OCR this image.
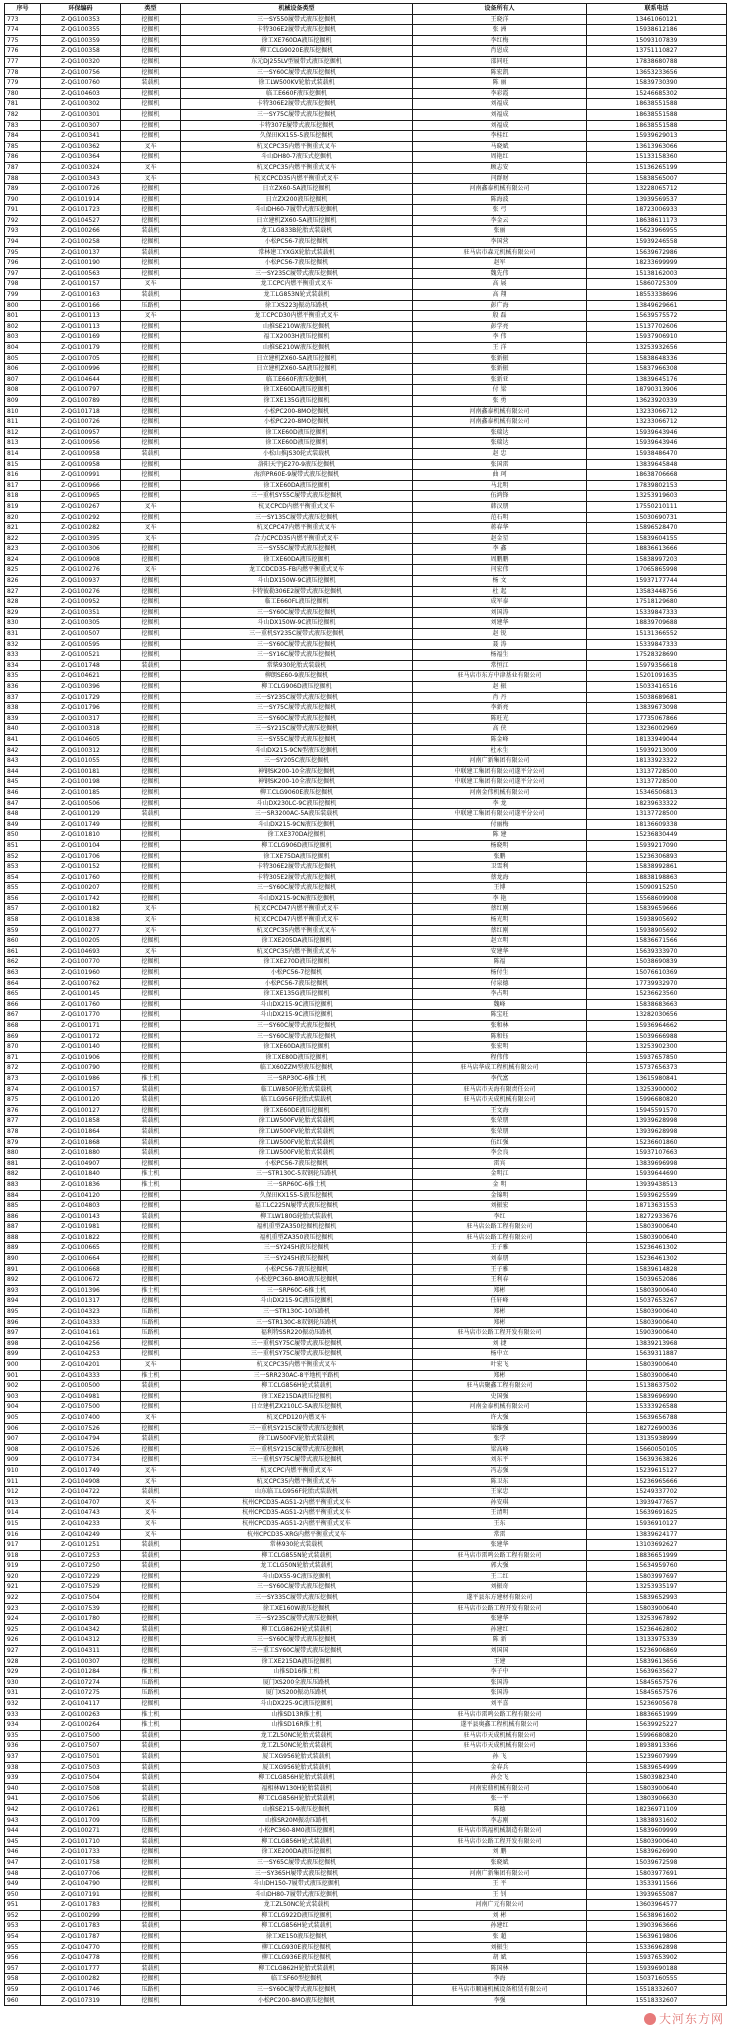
序号	环保编码	类型	机械设备类型	设备所有人	联系电话
773	Z-QG100353	挖掘机	三一SY550履带式液压挖掘机	王晓洋	13461060121
774	Z-QG100355	挖掘机	卡特306E2履带式液压挖掘机	张 洲	15938612186
775	Z-QG100359	挖掘机	徐工XE760DA液压挖掘机	李红梅	15093107839
776	Z-QG100358	挖掘机	柳工CLG9020E液压挖掘机	肖恩成	13751110827
777	Z-QG100320	挖掘机	东元DJ255LV型履带式液压挖掘机	邵同旺	17838680788
778	Z-QG100756	挖掘机	三一SY60C履带式液压挖掘机	陈宏凯	13653233656
779	Z-QG100760	装载机	徐工LW500KV轮胎式装载机	陈 丽	15839730390
780	Z-QG104603	挖掘机	临工E660F液压挖掘机	李彩霞	15246685302
781	Z-QG100302	挖掘机	卡特306E2履带式液压挖掘机	刘福成	18638551588
782	Z-QG100301	挖掘机	三一SY75C履带式液压挖掘机	刘福成	18638551588
783	Z-QG100307	挖掘机	卡特307E履带式液压挖掘机	刘福成	18638551588
784	Z-QG100341	挖掘机	久保田KX155-5液压挖掘机	李桂红	15939629013
785	Z-QG100362	叉车	杭叉CPC35内燃平衡重式叉车	马晓斌	13613963066
786	Z-QG100364	挖掘机	斗山DH80-7液压式挖掘机	周艳红	15133158360
787	Z-QG100324	叉车	杭叉CPC35内燃平衡重式叉车	顾志安	15136265199
788	Z-QG100343	叉车	杭叉CPCD35内燃平衡重式叉车	闫群财	15838565007
789	Z-QG100726	挖掘机	日立ZX60-5A液压挖掘机	河南鑫泰机械有限公司	13228065712
790	Z-QG101914	挖掘机	日立ZX200液压挖掘机	陈海波	13939569537
791	Z-QG101723	挖掘机	斗山DH60-7履带式液压挖掘机	张 弓	18723006933
792	Z-QG104527	挖掘机	日立建机ZX60-5A液压挖掘机	李金云	18638611173
793	Z-QG100266	装载机	龙工LG833B轮胎式装载机	张丽	15623966955
794	Z-QG100258	挖掘机	小松PC56-7液压挖掘机	李国营	15939246558
795	Z-QG100137	装载机	常林建工YXGX轮胎式装载机	驻马店市森元机械有限公司	15639672986
796	Z-QG100190	挖掘机	小松PC56-7液压挖掘机	赵军	18233699999
797	Z-QG100563	挖掘机	三一SY235C履带式液压挖掘机	魏先伟	15138162003
798	Z-QG100157	叉车	龙工CPC内燃平衡重式叉车	高 展	15860725309
799	Z-QG100163	装载机	龙工LG853N轮式装载机	高 翔	18553338696
800	Z-QG100166	压路机	徐工XS223J振动压路机	彭广海	13849629661
801	Z-QG100113	叉车	龙工CPCD30内燃平衡重式叉车	殷 磊	15639575572
802	Z-QG100113	挖掘机	山推SE210W液压挖掘机	彭学亮	15137702606
803	Z-QG100169	挖掘机	福工X2003H液压挖掘机	李 伟	15937906910
804	Z-QG100179	挖掘机	山推SE210W液压挖掘机	王 洋	13253932656
805	Z-QG100705	挖掘机	日立建机ZX60-5A液压挖掘机	张新振	15838648336
806	Z-QG100996	挖掘机	日立建机ZX60-5A液压挖掘机	张新振	15837966308
807	Z-QG104644	挖掘机	临工E660F液压挖掘机	张新亚	13839645176
808	Z-QG100797	挖掘机	徐工XE60DA液压挖掘机	付 梁	18790313906
809	Z-QG100789	挖掘机	徐工XE135G液压挖掘机	张 勇	13623920339
810	Z-QG101718	挖掘机	小松PC200-8MO挖掘机	河南鑫泰机械有限公司	13233066712
811	Z-QG100726	挖掘机	小松PC220-8MO挖掘机	河南鑫泰机械有限公司	13233066712
812	Z-QG100957	挖掘机	徐工XE60D液压挖掘机	张瑞达	15939643946
813	Z-QG100956	挖掘机	徐工XE60D液压挖掘机	张瑞达	15939643946
814	Z-QG100958	装载机	小松山推JS30轮式装载机	赵 忠	15938486470
815	Z-QG100958	挖掘机	洛阳天宇JE270-9液压挖掘机	张国雷	13839645848
816	Z-QG100991	挖掘机	海滨PR60E-9履带式液压挖掘机	曲 珂	18638706668
817	Z-QG100966	挖掘机	徐工XE60DA液压挖掘机	马北明	17839802153
818	Z-QG100965	挖掘机	三一重机SY55C履带式液压挖掘机	伍鸿锋	13253919603
819	Z-QG100267	叉车	杭叉CPCD内燃平衡重式叉车	韩汉朋	17550210111
820	Z-QG100292	挖掘机	三一SY135C履带式液压挖掘机	范石明	15030690731
821	Z-QG100282	叉车	杭叉CPC47内燃平衡重式叉车	蒋春华	15896528470
822	Z-QG100395	叉车	合力CPCD35内燃平衡重式叉车	赵金星	15839604155
823	Z-QG100306	挖掘机	三一SY55C履带式液压挖掘机	李 鑫	18836613666
824	Z-QG100908	挖掘机	徐工XE60DA液压挖掘机	周鹏鹏	15838997203
825	Z-QG100276	叉车	龙工CDCD35-FB内燃平衡重式叉车	闫宏伟	17065865998
826	Z-QG100937	挖掘机	斗山DX150W-9C液压挖掘机	杨 文	15937177744
827	Z-QG100276	挖掘机	卡特彼勒306E2履带式液压挖掘机	杜 起	13583448756
828	Z-QG100952	挖掘机	临工E660FL液压挖掘机	成军泰	17518129680
829	Z-QG100351	挖掘机	三一SY60C履带式液压挖掘机	刘国涛	15339847333
830	Z-QG100305	挖掘机	斗山DX150W-9C液压挖掘机	刘建华	18839709688
831	Z-QG100507	挖掘机	三一重机SY235C履带式液压挖掘机	赵 锐	15131366552
832	Z-QG100595	挖掘机	三一SY60C履带式液压挖掘机	聂 涛	15339847333
833	Z-QG100521	挖掘机	三一SY16C履带式液压挖掘机	杨福生	17528328690
834	Z-QG101748	装载机	常柴930轮胎式装载机	常恒江	15979356618
835	Z-QG104621	挖掘机	柳朗SE60-9液压挖掘机	驻马店市东方中津基业有限公司	15201091635
836	Z-QG100396	挖掘机	柳工CLG906D液压挖掘机	赵 振	15033416516
837	Z-QG101729	挖掘机	三一SY235C履带式液压挖掘机	肖 丹	15038689681
838	Z-QG101796	挖掘机	三一SY75C履带式液压挖掘机	李新亮	13839673098
839	Z-QG100317	挖掘机	三一SY60C履带式液压挖掘机	陈旺光	17735067866
840	Z-QG100318	挖掘机	三一SY215C履带式液压挖掘机	高 侠	13236002969
841	Z-QG104605	挖掘机	三一SY55C履带式液压挖掘机	陈金峰	18133949044
842	Z-QG100312	挖掘机	斗山DX215-9CN型液压挖掘机	杜永生	15939213009
843	Z-QG101055	挖掘机	三一SY205C液压挖掘机	河南广新集团有限公司	18133923322
844	Z-QG100181	挖掘机	神钢SK200-10全液压挖掘机	中联建工集团有限公司遂平分公司	13137728500
845	Z-QG100198	挖掘机	神钢SK200-10全液压挖掘机	中联建工集团有限公司遂平分公司	13137728500
846	Z-QG100185	挖掘机	柳工CLG9060E液压挖掘机	河南金伟机械有限公司	15346506813
847	Z-QG100506	挖掘机	斗山DX230LC-9C液压挖掘机	李 龙	18239633322
848	Z-QG100129	装载机	三一SR3200AC-5A液压装载机	中联建工集团有限公司遂平分公司	13137728500
849	Z-QG101749	挖掘机	斗山DX215-9CN液压挖掘机	付丽梅	18136609338
850	Z-QG101810	挖掘机	徐工XE370DA挖掘机	陈 建	15236830449
851	Z-QG100104	挖掘机	柳工CLG906D液压挖掘机	杨晓明	15939217090
852	Z-QG101706	挖掘机	徐工XE75DA液压挖掘机	张鹏	15236306893
853	Z-QG100152	挖掘机	卡特306E2履带式液压挖掘机	卫雪利	15838992861
854	Z-QG101760	挖掘机	卡特305E2履带式液压挖掘机	蔡龙海	18838198863
855	Z-QG100207	挖掘机	三一SY60C履带式液压挖掘机	王博	15090915250
856	Z-QG101742	挖掘机	斗山DX215-9CN液压挖掘机	李 艳	15568609908
857	Z-QG100182	叉车	杭叉CPCD47内燃平衡重式叉车	蔡红刚	15839659666
858	Z-QG101838	叉车	杭叉CPCD47内燃平衡重式叉车	杨光明	15938905692
859	Z-QG100277	叉车	杭叉CPC35内燃平衡重式叉车	蔡红刚	15938905692
860	Z-QG100205	挖掘机	徐工XE205DA液压挖掘机	赵立明	15836671566
861	Z-QG104693	叉车	杭叉CPC35内燃平衡重式叉车	安建华	15639333970
862	Z-QG100770	挖掘机	徐工XE270D液压挖掘机	陈福	15038690839
863	Z-QG101960	挖掘机	小松PC56-7挖掘机	杨付生	15076610369
864	Z-QG100762	挖掘机	小松PC56-7液压挖掘机	付泉德	17739932970
865	Z-QG100145	挖掘机	徐工XE135G液压挖掘机	李占明	15236623560
866	Z-QG101760	挖掘机	斗山DX215-9C液压挖掘机	魏峰	15838683663
867	Z-QG101770	挖掘机	斗山DX215-9C液压挖掘机	陈宝旺	13282030656
868	Z-QG100171	挖掘机	三一SY60C履带式液压挖掘机	张和林	15936964662
869	Z-QG100172	挖掘机	三一SY60C履带式液压挖掘机	陈和钰	15039666988
870	Z-QG100140	挖掘机	徐工XE60DA液压挖掘机	张宏明	13253902300
871	Z-QG101906	挖掘机	徐工XE80D液压挖掘机	程伟伟	15937657850
872	Z-QG100790	挖掘机	临工X60ZZM型液压挖掘机	驻马店华成工程机械有限公司	15737656373
873	Z-QG101986	推土机	三一SRP30C-6推土机	李代富	13615980841
874	Z-QG100157	装载机	临工LW850F轮胎式装载机	驻马店市天海有限责任公司	13253900002
875	Z-QG100120	装载机	临工LG956F轮胎式装载机	驻马店市天成机械有限公司	15996680820
876	Z-QG100127	挖掘机	徐工XE60DE液压挖掘机	王文海	15945591570
877	Z-QG101858	装载机	徐工LW500FV轮胎式装载机	张荣朋	13939628998
878	Z-QG101864	装载机	徐工LW500FV轮胎式装载机	张荣朋	13939628998
879	Z-QG101868	装载机	徐工LW500FV轮胎式装载机	伍红强	15236601860
880	Z-QG101880	装载机	徐工LW500FV轮胎式装载机	李会良	15937107663
881	Z-QG104907	挖掘机	小松PC56-7液压挖掘机	雷宾	13839696998
882	Z-QG101840	推土机	三一STR130C-5双钢轮压路机	金明江	15939644690
883	Z-QG101836	推土机	三一SRP60C-6推土机	金 明	13939438513
884	Z-QG104120	挖掘机	久保田KX155-5液压挖掘机	金锦明	15939625599
885	Z-QG104803	挖掘机	福工LC225N履带式液压挖掘机	刘振宏	18713631553
886	Z-QG100143	装载机	柳工LW180G轮胎式装载机	李红	18272933676
887	Z-QG101981	挖掘机	福机重型ZA350挖掘机挖掘机	驻马店公路工程有限公司	15803900640
888	Z-QG101822	挖掘机	福机重型ZA350液压挖掘机	驻马店公路工程有限公司	15803900640
889	Z-QG100665	挖掘机	三一SY245H液压挖掘机	王子雅	15236461302
890	Z-QG100664	挖掘机	三一SY245H液压挖掘机	刘泰朋	15236461302
891	Z-QG100668	挖掘机	小松PC56-7液压挖掘机	王子雅	15839614828
892	Z-QG100672	挖掘机	小松挖PC360-8MO液压挖掘机	王利春	15039652086
893	Z-QG101396	推土机	三一SRP60C-6推土机	郑彬	15803900640
894	Z-QG101317	挖掘机	斗山DX215-9C液压挖掘机	任轩峰	15037653267
895	Z-QG104323	压路机	三一STR130C-10压路机	郑彬	15803900640
896	Z-QG104333	压路机	三一STR130C-8双钢轮压路机	郑彬	15803900640
897	Z-QG104161	压路机	福利特SSR220振动压路机	驻马店市公路工程开发有限公司	15903900640
898	Z-QG104256	挖掘机	三一重机SY75C履带式液压挖掘机	刘 捷	13839213968
899	Z-QG104253	挖掘机	三一重机SY75C履带式液压挖掘机	杨中立	15639311887
900	Z-QG104201	叉车	杭叉CPC35内燃平衡重式叉车	叶宏飞	15803900640
901	Z-QG104333	推土机	三一SRR230AC-8平地机平路机	郑彬	15803900640
902	Z-QG100500	装载机	柳工CLG856H轮式装载机	驻马店聚鑫工程有限公司	15138637502
903	Z-QG104981	挖掘机	徐工XE215DA液压挖掘机	史国强	15839696990
904	Z-QG107500	挖掘机	日立建机ZX210LC-5A液压挖掘机	河南金泰机械有限公司	15333926588
905	Z-QG107400	叉车	杭叉CPD120内燃叉车	许大强	15639656788
906	Z-QG107526	挖掘机	三一重机SY215C履带式液压挖掘机	梁维强	18272690036
907	Z-QG104794	装载机	徐工LW500FV轮胎式装载机	张学	13135938999
908	Z-QG107526	挖掘机	三一重机SY215C履带式液压挖掘机	梁高峰	15660050105
909	Z-QG107734	挖掘机	三一重机SY75C履带式液压挖掘机	刘东平	15639363826
910	Z-QG101749	叉车	杭叉CPC内燃平衡重式叉车	冯志强	15239615127
911	Z-QG104908	叉车	杭叉CPC35内燃平衡重式叉车	陈卫东	15236965666
912	Z-QG104722	装载机	山东临工LG956F轮胎式装载机	王家忠	15249337702
913	Z-QG104707	叉车	杭州CPCD35-AG51-2内燃平衡重式叉车	孙安琪	13939477657
914	Z-QG104743	叉车	杭州CPCD35-AG51-2内燃平衡重式叉车	王清明	15639691625
915	Z-QG104233	叉车	杭州CPCD35-AG51-2内燃平衡重式叉车	王东	15936910127
916	Z-QG104249	叉车	杭州CPCD35-XRG内燃平衡重式叉车	常雷	13839624177
917	Z-QG101251	装载机	常林930轮式装载机	张建华	13103692627
918	Z-QG107253	装载机	柳工CLG855N轮式装载机	驻马店市雷鸣公路工程有限公司	18836651999
919	Z-QG107250	装载机	龙工CLG50N轮胎式装载机	郭大强	15634959760
920	Z-QG107229	挖掘机	斗山DX55-9C液压挖掘机	王二红	15803997697
921	Z-QG107529	挖掘机	三一SY60C履带式液压挖掘机	刘振奇	13253935197
922	Z-QG107504	挖掘机	三一SY335C履带式液压挖掘机	遂平县东方建材有限公司	15839652993
923	Z-QG107539	挖掘机	徐工XE160W液压挖掘机	驻马店市公路工程开发有限公司	15803900640
924	Z-QG101780	挖掘机	三一SY235C履带式液压挖掘机	张建华	13253967892
925	Z-QG104342	装载机	柳工CLG862H轮式装载机	孙建红	15236462802
926	Z-QG104312	挖掘机	三一SY60C履带式液压挖掘机	陈 新	13133975339
927	Z-QG104311	挖掘机	三一重工SY60C履带式液压挖掘机	刘国国	15236906869
928	Z-QG100307	挖掘机	徐工XE215DA液压挖掘机	王建	15839613656
929	Z-QG101284	推土机	山推SD16推土机	李子中	15639635627
930	Z-QG107274	压路机	厦门XS200全液压压路机	张国涛	15845657576
931	Z-QG107275	压路机	厦门XS200振动压路机	张国涛	15845657576
932	Z-QG104117	挖掘机	斗山DX225-9C液压挖掘机	刘平喜	15236905678
933	Z-QG100263	推土机	山推SD13R推土机	驻马店市雷鸣公路工程有限公司	18836651999
934	Z-QG100264	推土机	山推SD16R推土机	遂平县奥鑫工程机械有限公司	15639925227
935	Z-QG107500	装载机	龙工ZL50NC轮胎式装载机	驻马店市天成机械有限公司	15996680820
936	Z-QG107507	装载机	龙工ZL50NC轮胎式装载机	驻马店市天成机械有限公司	18938913366
937	Z-QG107501	装载机	厦工XG956轮胎式装载机	孙 飞	15239607999
938	Z-QG107503	装载机	厦工XG956轮胎式装载机	金春兵	15839654999
939	Z-QG107504	装载机	柳工CLG856H轮胎式装载机	孙会飞	15803982340
940	Z-QG107508	装载机	福相林W130H轮胎装载机	河南宏鼎机械有限公司	15803900640
941	Z-QG107506	装载机	柳工CLG856H轮胎式装载机	张一平	13803906630
942	Z-QG107261	挖掘机	山推SE215-9液压挖掘机	陈德	18236971109
943	Z-QG101709	压路机	山推SR20M振动压路机	李志刚	13838931602
944	Z-QG100271	挖掘机	小松PC360-8M0液压挖掘机	驻马店市筑福机械制造有限公司	15839609999
945	Z-QG101710	装载机	柳工CLG856H轮式装载机	驻马店市公路工程开发有限公司	15803900640
946	Z-QG101733	挖掘机	徐工XE200DA液压挖掘机	刘 鹏	15839626990
947	Z-QG101758	挖掘机	三一SY65C履带式液压挖掘机	张晓斌	15039672598
948	Z-QG107706	挖掘机	三一SY365H履带式液压挖掘机	河南广新集团有限公司	15803977691
949	Z-QG104790	挖掘机	斗山DH150-7履带式液压挖掘机	王 平	13533911566
950	Z-QG107191	挖掘机	斗山DH80-7履带式液压挖掘机	王 钊	13939655087
951	Z-QG101783	挖掘机	龙工ZL50NC轮式装载机	河南广元有限公司	13603964577
952	Z-QG100299	挖掘机	柳工CLG922D液压挖掘机	刘 彬	15638961602
953	Z-QG101783	装载机	柳工CLG856H轮式装载机	孙建红	13903963666
954	Z-QG101787	挖掘机	徐工XE150液压挖掘机	张 超	15639619806
955	Z-QG104770	挖掘机	柳工CLG930E液压挖掘机	刘振生	15336962898
956	Z-QG104778	挖掘机	柳工CLG936E液压挖掘机	胡 斌	15937653902
957	Z-QG101777	装载机	柳工CLG862H轮胎式装载机	陈国林	15939690188
958	Z-QG100282	挖掘机	临工SF60型挖掘机	李海	15037160555
959	Z-QG101746	压路机	三一SY60C履带式液压挖掘机	驻马店市顺通机械设备租赁有限公司	15518332607
960	Z-QG107319	挖掘机	小松PC200-8MO液压挖掘机	李强	15518332607
大河东方网
